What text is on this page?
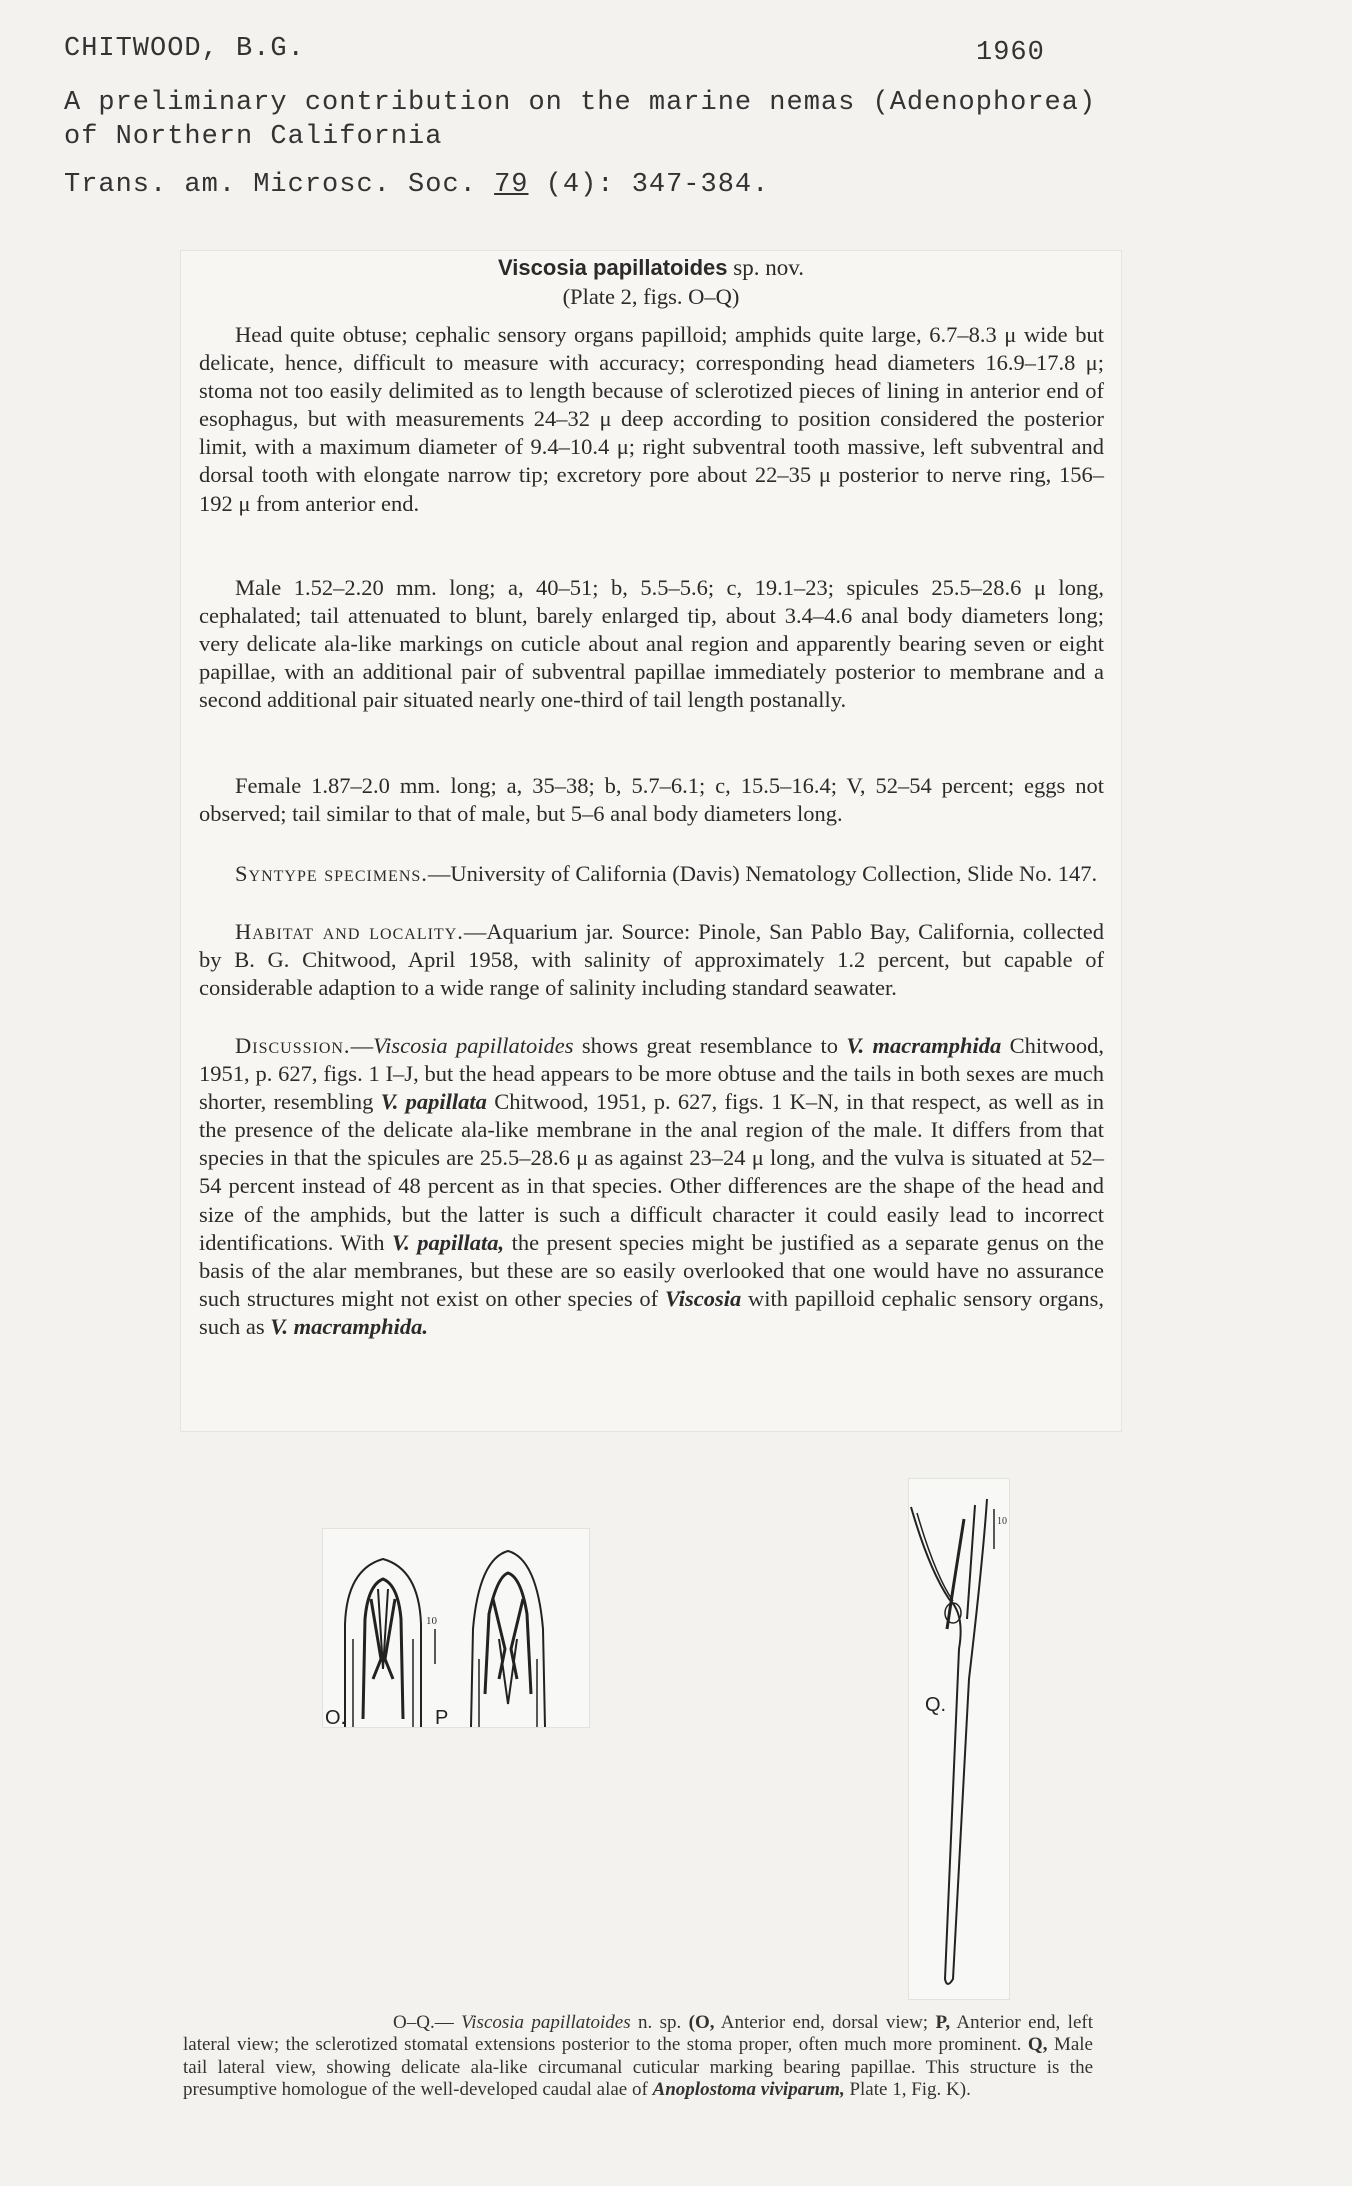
CHITWOOD, B.G.	1960
A preliminary contribution on the marine nemas (Adenophorea)
of Northern California
Trans. am. Microsc. Soc. 79 (4): 347-384.
Viscosia papillatoides sp. nov.
(Plate 2, figs. O–Q)

Head quite obtuse; cephalic sensory organs papilloid; amphids quite large, 6.7–8.3 μ wide but delicate, hence, difficult to measure with accuracy; corresponding head diameters 16.9–17.8 μ; stoma not too easily delimited as to length because of sclerotized pieces of lining in anterior end of esophagus, but with measurements 24–32 μ deep according to position considered the posterior limit, with a maximum diameter of 9.4–10.4 μ; right subventral tooth massive, left subventral and dorsal tooth with elongate narrow tip; excretory pore about 22–35 μ posterior to nerve ring, 156–192 μ from anterior end.

Male 1.52–2.20 mm. long; a, 40–51; b, 5.5–5.6; c, 19.1–23; spicules 25.5–28.6 μ long, cephalated; tail attenuated to blunt, barely enlarged tip, about 3.4–4.6 anal body diameters long; very delicate ala-like markings on cuticle about anal region and apparently bearing seven or eight papillae, with an additional pair of subventral papillae immediately posterior to membrane and a second additional pair situated nearly one-third of tail length postanally.

Female 1.87–2.0 mm. long; a, 35–38; b, 5.7–6.1; c, 15.5–16.4; V, 52–54 percent; eggs not observed; tail similar to that of male, but 5–6 anal body diameters long.

Syntype specimens.—University of California (Davis) Nematology Collection, Slide No. 147.

Habitat and locality.—Aquarium jar. Source: Pinole, San Pablo Bay, California, collected by B. G. Chitwood, April 1958, with salinity of approximately 1.2 percent, but capable of considerable adaption to a wide range of salinity including standard seawater.

Discussion.—Viscosia papillatoides shows great resemblance to V. macramphida Chitwood, 1951, p. 627, figs. 1 I–J, but the head appears to be more obtuse and the tails in both sexes are much shorter, resembling V. papillata Chitwood, 1951, p. 627, figs. 1 K–N, in that respect, as well as in the presence of the delicate ala-like membrane in the anal region of the male. It differs from that species in that the spicules are 25.5–28.6 μ as against 23–24 μ long, and the vulva is situated at 52–54 percent instead of 48 percent as in that species. Other differences are the shape of the head and size of the amphids, but the latter is such a difficult character it could easily lead to incorrect identifications. With V. papillata, the present species might be justified as a separate genus on the basis of the alar membranes, but these are so easily overlooked that one would have no assurance such structures might not exist on other species of Viscosia with papilloid cephalic sensory organs, such as V. macramphida.

10
O.	P
10
Q.

O–Q.— Viscosia papillatoides n. sp. (O, Anterior end, dorsal view; P, Anterior end, left lateral view; the sclerotized stomatal extensions posterior to the stoma proper, often much more prominent. Q, Male tail lateral view, showing delicate ala-like circumanal cuticular marking bearing papillae. This structure is the presumptive homologue of the well-developed caudal alae of Anoplostoma viviparum, Plate 1, Fig. K).
